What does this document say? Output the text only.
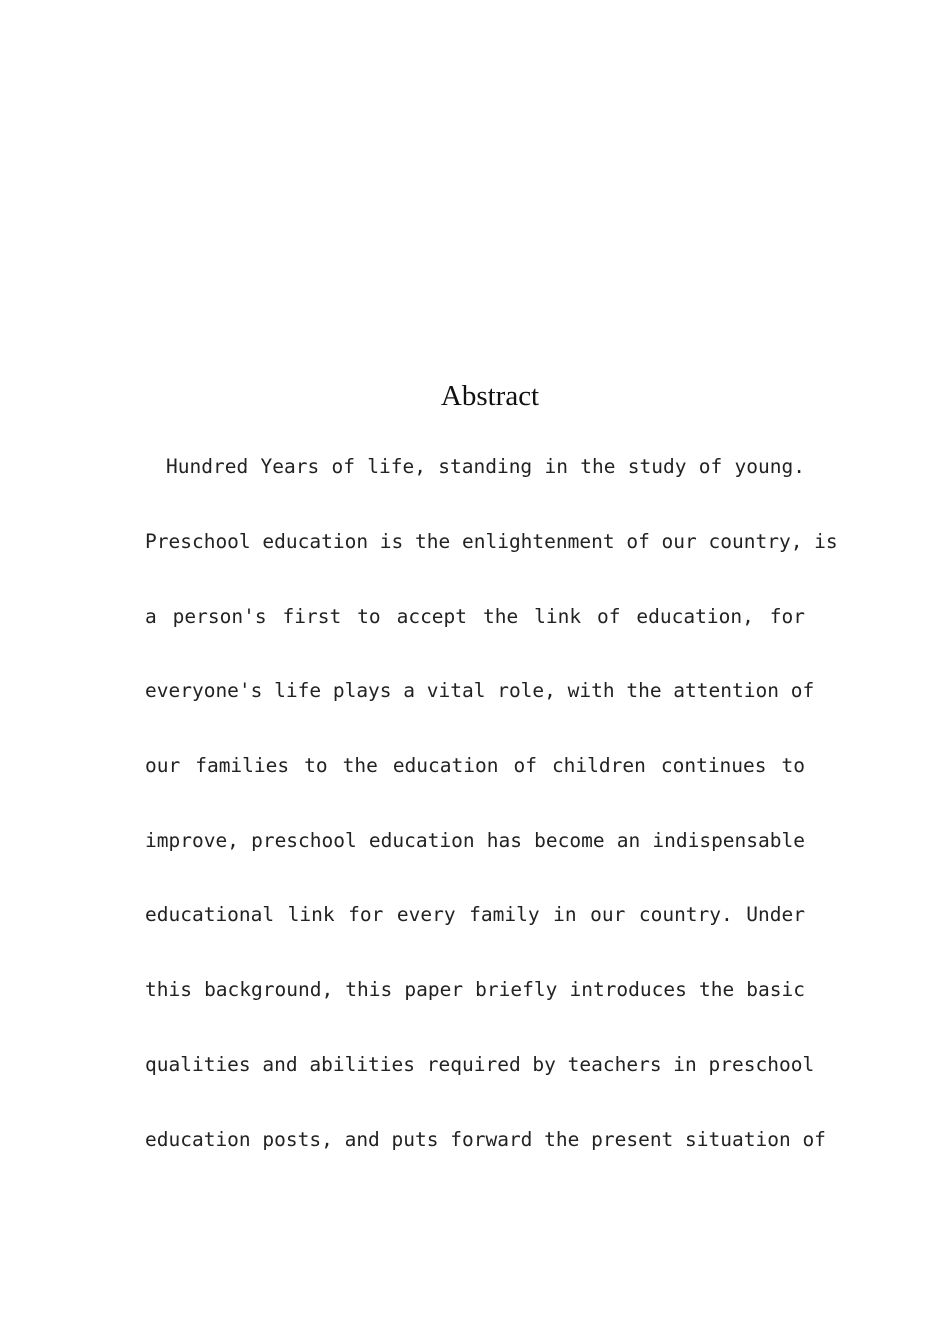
Abstract
Hundred Years of life, standing in the study of young.
Preschool education is the enlightenment of our country, is
a person's first to accept the link of education, for
everyone's life plays a vital role, with the attention of
our families to the education of children continues to
improve, preschool education has become an indispensable
educational link for every family in our country. Under
this background, this paper briefly introduces the basic
qualities and abilities required by teachers in preschool
education posts, and puts forward the present situation of
